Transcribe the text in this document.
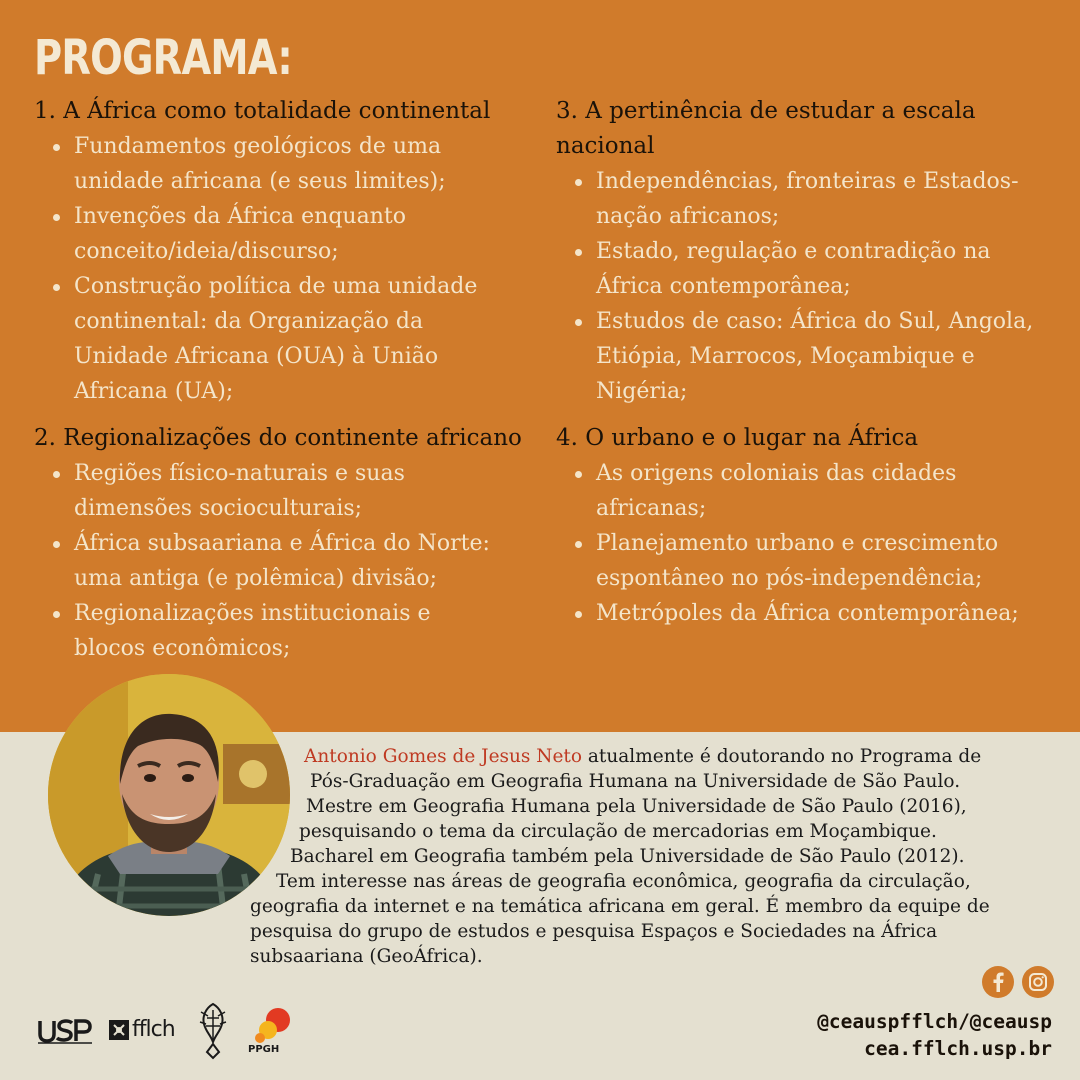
PROGRAMA:
1. A África como totalidade continental
Fundamentos geológicos de uma
unidade africana (e seus limites);
Invenções da África enquanto
conceito/ideia/discurso;
Construção política de uma unidade
continental: da Organização da
Unidade Africana (OUA) à União
Africana (UA);
2. Regionalizações do continente africano
Regiões físico-naturais e suas
dimensões socioculturais;
África subsaariana e África do Norte:
uma antiga (e polêmica) divisão;
Regionalizações institucionais e
blocos econômicos;
3. A pertinência de estudar a escala
nacional
Independências, fronteiras e Estados-
nação africanos;
Estado, regulação e contradição na
África contemporânea;
Estudos de caso: África do Sul, Angola,
Etiópia, Marrocos, Moçambique e
Nigéria;
4. O urbano e o lugar na África
As origens coloniais das cidades
africanas;
Planejamento urbano e crescimento
espontâneo no pós-independência;
Metrópoles da África contemporânea;
Antonio Gomes de Jesus Neto atualmente é doutorando no Programa de
Pós-Graduação em Geografia Humana na Universidade de São Paulo.
Mestre em Geografia Humana pela Universidade de São Paulo (2016),
pesquisando o tema da circulação de mercadorias em Moçambique.
Bacharel em Geografia também pela Universidade de São Paulo (2012).
Tem interesse nas áreas de geografia econômica, geografia da circulação,
geografia da internet e na temática africana em geral. É membro da equipe de
pesquisa do grupo de estudos e pesquisa Espaços e Sociedades na África
subsaariana (GeoÁfrica).
@ceauspfflch/@ceausp
cea.fflch.usp.br
fflch
PPGH
